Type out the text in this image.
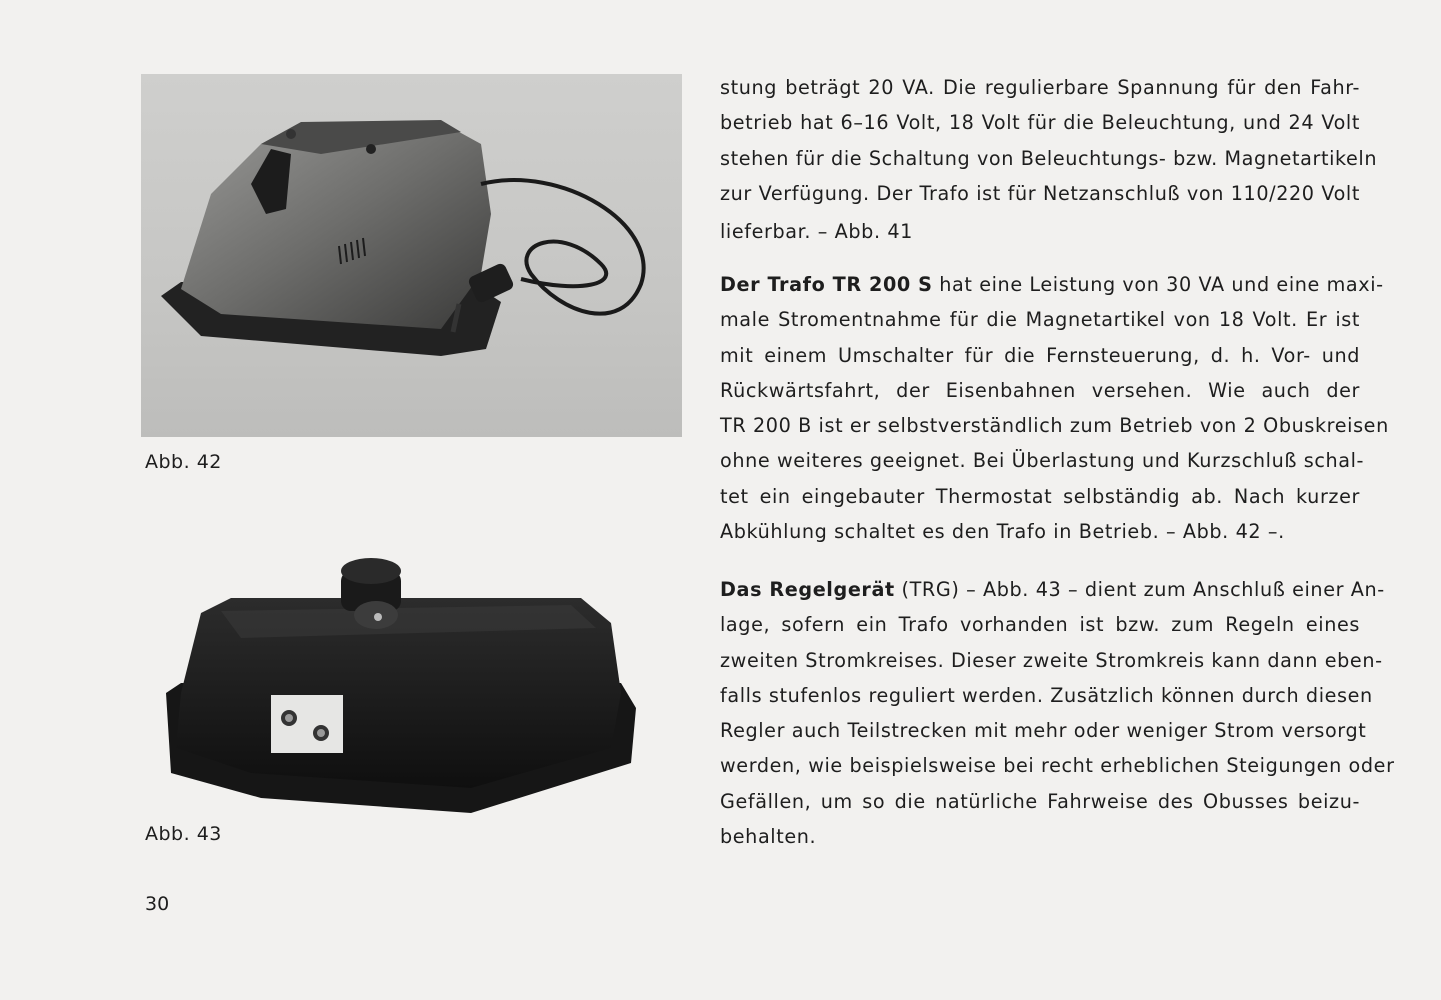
Abb. 42
Abb. 43
30
stung beträgt 20 VA. Die regulierbare Spannung für den Fahr-
betrieb hat 6–16 Volt, 18 Volt für die Beleuchtung, und 24 Volt
stehen für die Schaltung von Beleuchtungs- bzw. Magnetartikeln
zur Verfügung. Der Trafo ist für Netzanschluß von 110/220 Volt
lieferbar. – Abb. 41
Der Trafo TR 200 S hat eine Leistung von 30 VA und eine maxi-
male Stromentnahme für die Magnetartikel von 18 Volt. Er ist
mit einem Umschalter für die Fernsteuerung, d. h. Vor- und
Rückwärtsfahrt, der Eisenbahnen versehen. Wie auch der
TR 200 B ist er selbstverständlich zum Betrieb von 2 Obuskreisen
ohne weiteres geeignet. Bei Überlastung und Kurzschluß schal-
tet ein eingebauter Thermostat selbständig ab. Nach kurzer
Abkühlung schaltet es den Trafo in Betrieb. – Abb. 42 –.
Das Regelgerät (TRG) – Abb. 43 – dient zum Anschluß einer An-
lage, sofern ein Trafo vorhanden ist bzw. zum Regeln eines
zweiten Stromkreises. Dieser zweite Stromkreis kann dann eben-
falls stufenlos reguliert werden. Zusätzlich können durch diesen
Regler auch Teilstrecken mit mehr oder weniger Strom versorgt
werden, wie beispielsweise bei recht erheblichen Steigungen oder
Gefällen, um so die natürliche Fahrweise des Obusses beizu-
behalten.
